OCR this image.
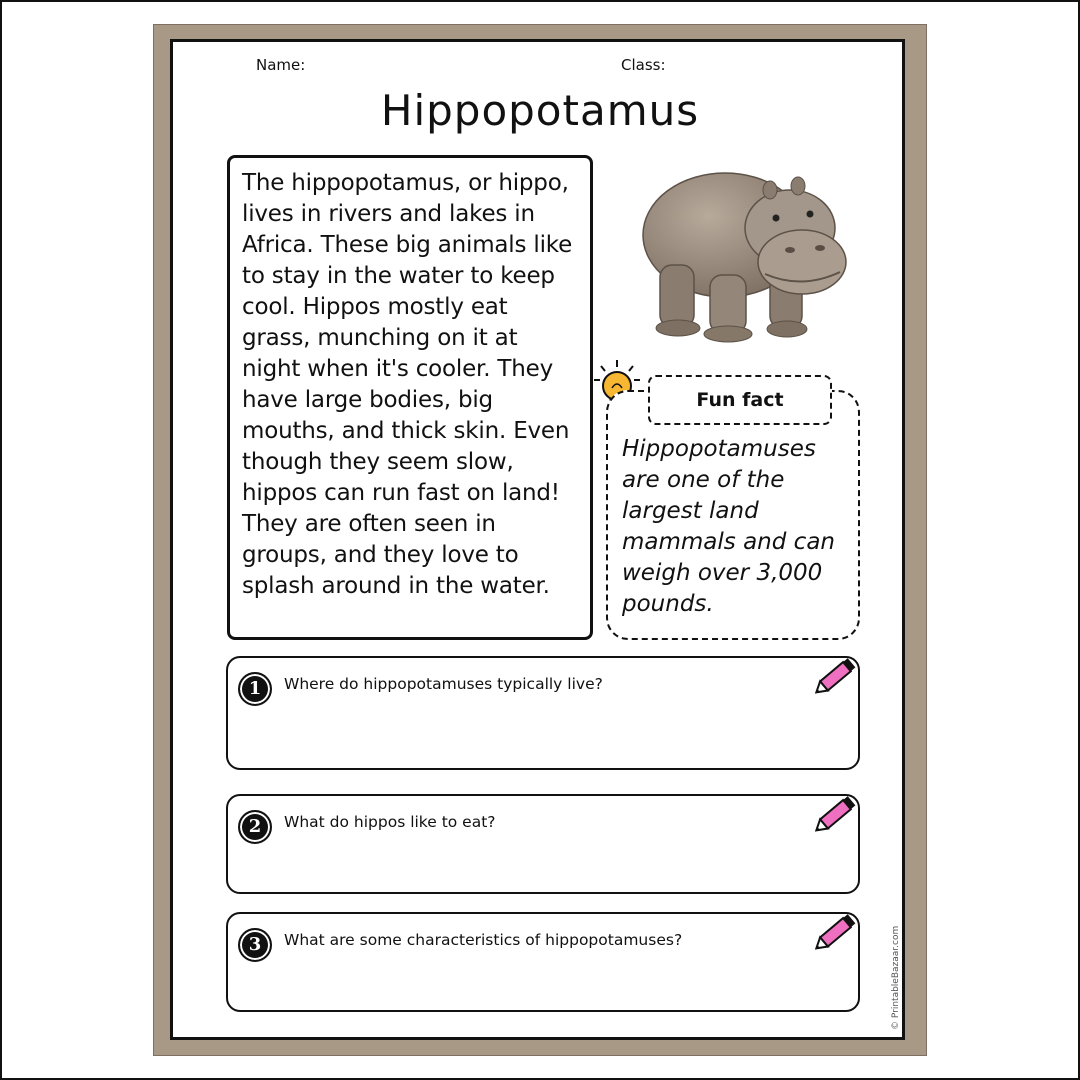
Name:	Class:
Hippopotamus

The hippopotamus, or hippo, lives in rivers and lakes in Africa. These big animals like to stay in the water to keep cool. Hippos mostly eat grass, munching on it at night when it's cooler. They have large bodies, big mouths, and thick skin. Even though they seem slow, hippos can run fast on land! They are often seen in groups, and they love to splash around in the water.

Hippopotamuses are one of the largest land mammals and can weigh over 3,000 pounds.

Fun fact
1	Where do hippopotamuses typically live?
2	What do hippos like to eat?
3	What are some characteristics of hippopotamuses?	© PrintableBazaar.com
